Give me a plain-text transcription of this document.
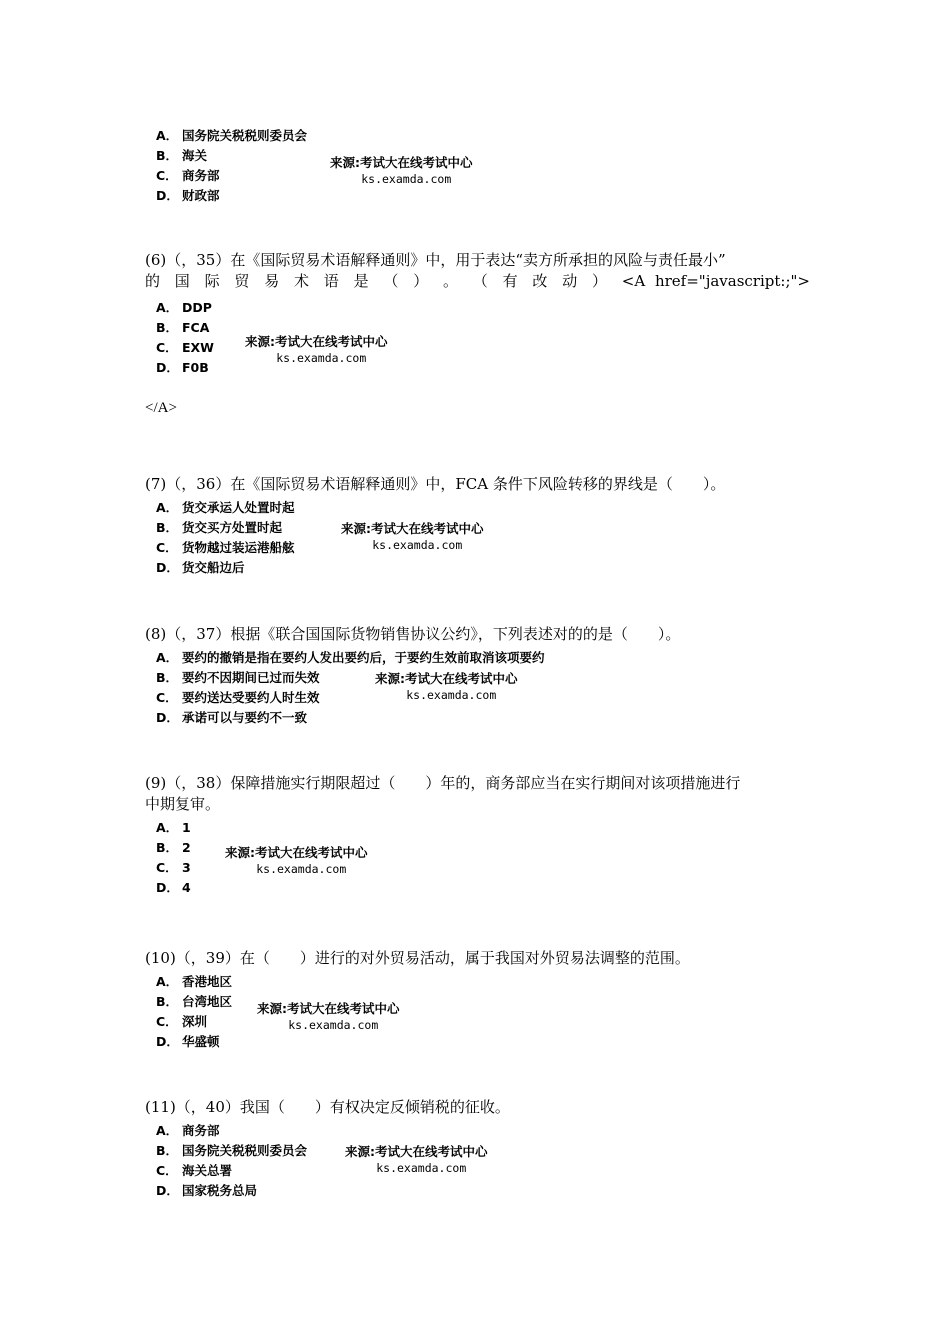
A． 国务院关税税则委员会
B． 海关
C． 商务部
D． 财政部
来源:考试大在线考试中心
ks.examda.com

(6)（，35）在《国际贸易术语解释通则》中，用于表达“卖方所承担的风险与责任最小”

的 国 际 贸 易 术 语 是 （ ） 。 （ 有 改 动 ） <A href="javascript:;">

A． DDP
B． FCA
C． EXW
D． F0B
来源:考试大在线考试中心
ks.examda.com
</A>

(7)（，36）在《国际贸易术语解释通则》中，FCA 条件下风险转移的界线是（　　）。

A． 货交承运人处置时起
B． 货交买方处置时起
C． 货物越过装运港船舷
D． 货交船边后
来源:考试大在线考试中心
ks.examda.com

(8)（，37）根据《联合国国际货物销售协议公约》，下列表述对的的是（　　）。

A． 要约的撤销是指在要约人发出要约后，于要约生效前取消该项要约
B． 要约不因期间已过而失效
C． 要约送达受要约人时生效
D． 承诺可以与要约不一致
来源:考试大在线考试中心
ks.examda.com

(9)（，38）保障措施实行期限超过（　　）年的，商务部应当在实行期间对该项措施进行

中期复审。

A． 1
B． 2
C． 3
D． 4
来源:考试大在线考试中心
ks.examda.com

(10)（，39）在（　　）进行的对外贸易活动，属于我国对外贸易法调整的范围。

A． 香港地区
B． 台湾地区
C． 深圳
D． 华盛顿
来源:考试大在线考试中心
ks.examda.com

(11)（，40）我国（　　）有权决定反倾销税的征收。

A． 商务部
B． 国务院关税税则委员会
C． 海关总署
D． 国家税务总局
来源:考试大在线考试中心
ks.examda.com
